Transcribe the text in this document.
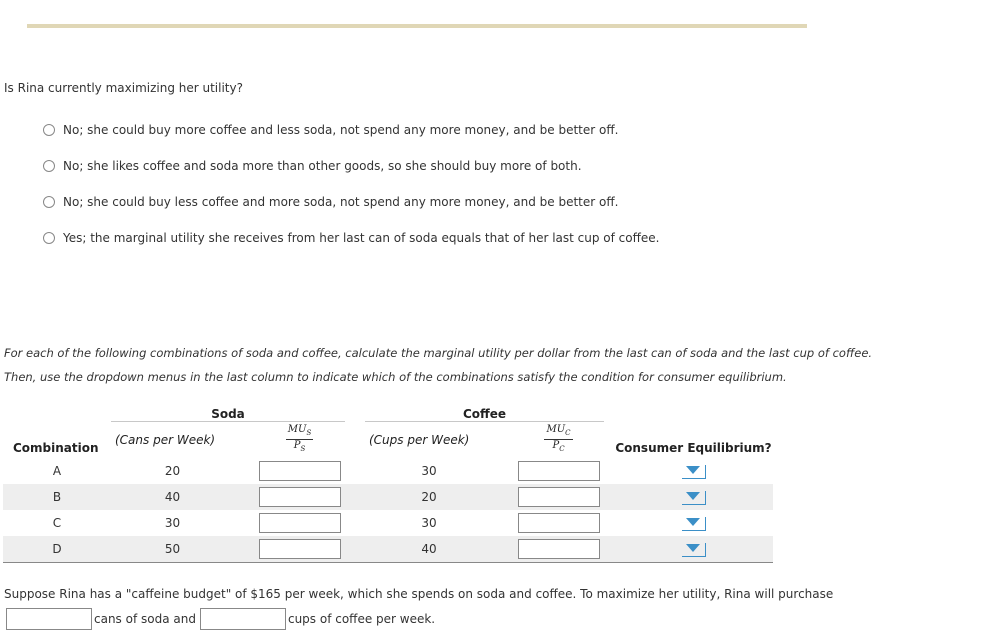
Is Rina currently maximizing her utility?
No; she could buy more coffee and less soda, not spend any more money, and be better off.
No; she likes coffee and soda more than other goods, so she should buy more of both.
No; she could buy less coffee and more soda, not spend any more money, and be better off.
Yes; the marginal utility she receives from her last can of soda equals that of her last cup of coffee.
For each of the following combinations of soda and coffee, calculate the marginal utility per dollar from the last can of soda and the last cup of coffee.
Then, use the dropdown menus in the last column to indicate which of the combinations satisfy the condition for consumer equilibrium.
	Soda				Coffee				
Combination	(Cans per Week)		$\frac{MU_S}{P_S}$		(Cups per Week)		$\frac{MU_C}{P_C}$		Consumer Equilibrium?
A	20				30				

B	40				20				

C	30				30				

D	50				40				
Suppose Rina has a "caffeine budget" of $165 per week, which she spends on soda and coffee. To maximize her utility, Rina will purchase
cans of soda and	cups of coffee per week.
